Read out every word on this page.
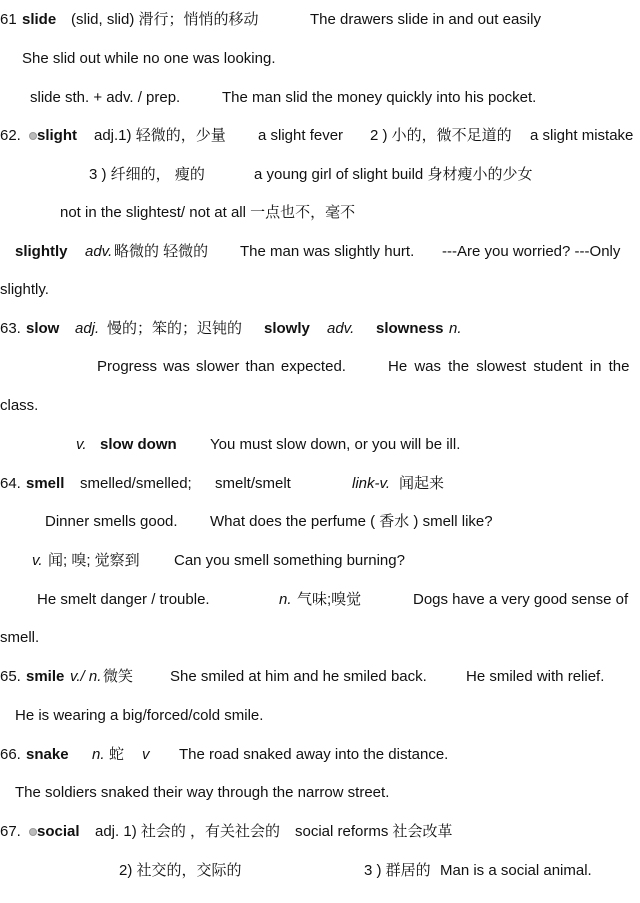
61 slide (slid, slid) 滑行；悄悄的移动	The drawers slide in and out easily
She slid out while no one was looking.
slide sth. + adv. / prep.	The man slid the money quickly into his pocket.
62. slight adj.1) 轻微的，少量 a slight fever 2 ) 小的，微不足道的 a slight mistake
3 ) 纤细的， 瘦的	a young girl of slight build 身材瘦小的少女
not in the slightest/ not at all 一点也不，毫不
slightly adv. 略微的 轻微的 The man was slightly hurt. ---Are you worried? ---Only
slightly.
63. slow adj. 慢的；笨的；迟钝的 slowly adv. slowness n.
Progress was slower than expected.	He was the slowest student in the
class.
v. slow down You must slow down, or you will be ill.
64. smell smelled/smelled; smelt/smelt	link-v. 闻起来
Dinner smells good. What does the perfume ( 香水 ) smell like?
v. 闻; 嗅; 觉察到 Can you smell something burning?
He smelt danger / trouble.	n. 气味;嗅觉	Dogs have a very good sense of
smell.
65. smile v./ n. 微笑 She smiled at him and he smiled back.	He smiled with relief.
He is wearing a big/forced/cold smile.
66. snake n. 蛇 v The road snaked away into the distance.
The soldiers snaked their way through the narrow street.
67. social adj. 1) 社会的 ，有关社会的 social reforms 社会改革
2) 社交的，交际的	3 ) 群居的 Man is a social animal.
